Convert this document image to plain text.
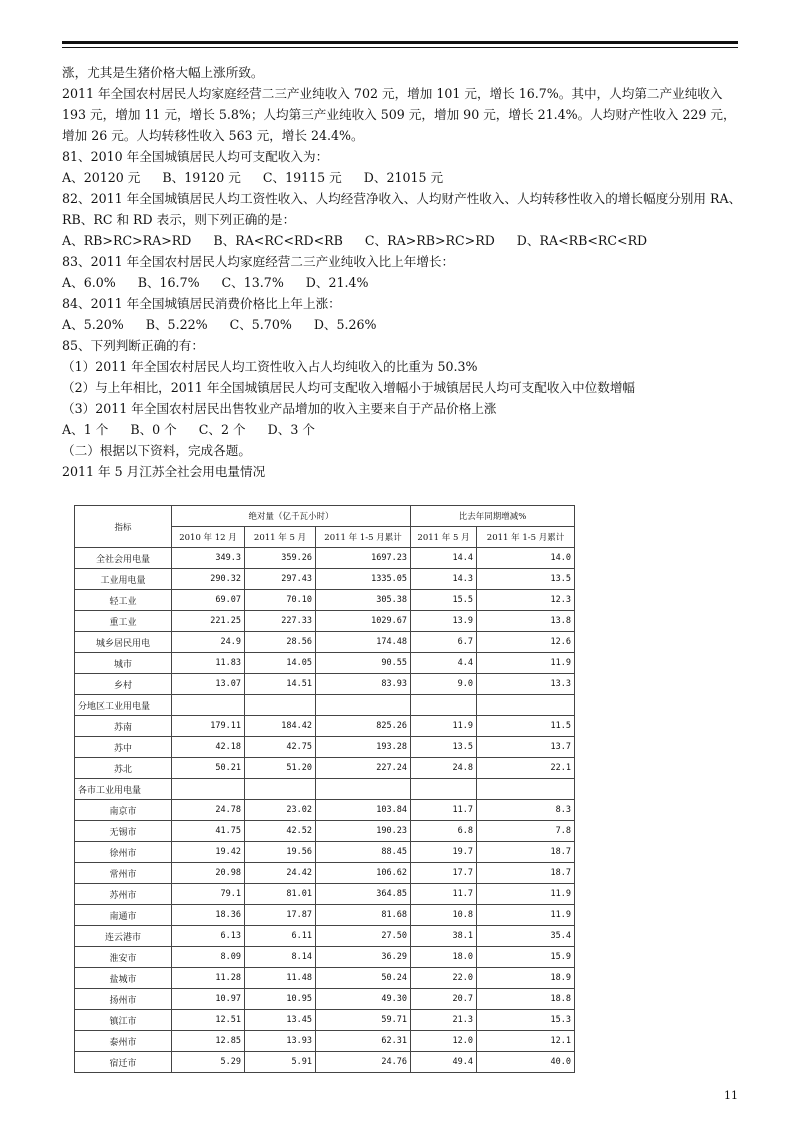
涨，尤其是生猪价格大幅上涨所致。

2011 年全国农村居民人均家庭经营二三产业纯收入 702 元，增加 101 元，增长 16.7%。其中，人均第二产业纯收入 193 元，增加 11 元，增长 5.8%；人均第三产业纯收入 509 元，增加 90 元，增长 21.4%。人均财产性收入 229 元，增加 26 元。人均转移性收入 563 元，增长 24.4%。

81、2010 年全国城镇居民人均可支配收入为：

A、20120 元 B、19120 元 C、19115 元 D、21015 元

82、2011 年全国城镇居民人均工资性收入、人均经营净收入、人均财产性收入、人均转移性收入的增长幅度分别用 RA、RB、RC 和 RD 表示，则下列正确的是：

A、RB>RC>RA>RD B、RA<RC<RD<RB C、RA>RB>RC>RD D、RA<RB<RC<RD

83、2011 年全国农村居民人均家庭经营二三产业纯收入比上年增长：

A、6.0% B、16.7% C、13.7% D、21.4%

84、2011 年全国城镇居民消费价格比上年上涨：

A、5.20% B、5.22% C、5.70% D、5.26%

85、下列判断正确的有：

（1）2011 年全国农村居民人均工资性收入占人均纯收入的比重为 50.3%

（2）与上年相比，2011 年全国城镇居民人均可支配收入增幅小于城镇居民人均可支配收入中位数增幅

（3）2011 年全国农村居民出售牧业产品增加的收入主要来自于产品价格上涨

A、1 个 B、0 个 C、2 个 D、3 个

（二）根据以下资料，完成各题。

2011 年 5 月江苏全社会用电量情况

指标	绝对量（亿千瓦小时）			比去年同期增减%	
	2010 年 12 月	2011 年 5 月	2011 年 1-5 月累计	2011 年 5 月	2011 年 1-5 月累计
全社会用电量	349.3	359.26	1697.23	14.4	14.0
工业用电量	290.32	297.43	1335.05	14.3	13.5
轻工业	69.07	70.10	305.38	15.5	12.3
重工业	221.25	227.33	1029.67	13.9	13.8
城乡居民用电	24.9	28.56	174.48	6.7	12.6
城市	11.83	14.05	90.55	4.4	11.9
乡村	13.07	14.51	83.93	9.0	13.3
分地区工业用电量					
苏南	179.11	184.42	825.26	11.9	11.5
苏中	42.18	42.75	193.28	13.5	13.7
苏北	50.21	51.20	227.24	24.8	22.1
各市工业用电量					
南京市	24.78	23.02	103.84	11.7	8.3
无锡市	41.75	42.52	190.23	6.8	7.8
徐州市	19.42	19.56	88.45	19.7	18.7
常州市	20.98	24.42	106.62	17.7	18.7
苏州市	79.1	81.01	364.85	11.7	11.9
南通市	18.36	17.87	81.68	10.8	11.9
连云港市	6.13	6.11	27.50	38.1	35.4
淮安市	8.09	8.14	36.29	18.0	15.9
盐城市	11.28	11.48	50.24	22.0	18.9
扬州市	10.97	10.95	49.30	20.7	18.8
镇江市	12.51	13.45	59.71	21.3	15.3
泰州市	12.85	13.93	62.31	12.0	12.1
宿迁市	5.29	5.91	24.76	49.4	40.0
11
